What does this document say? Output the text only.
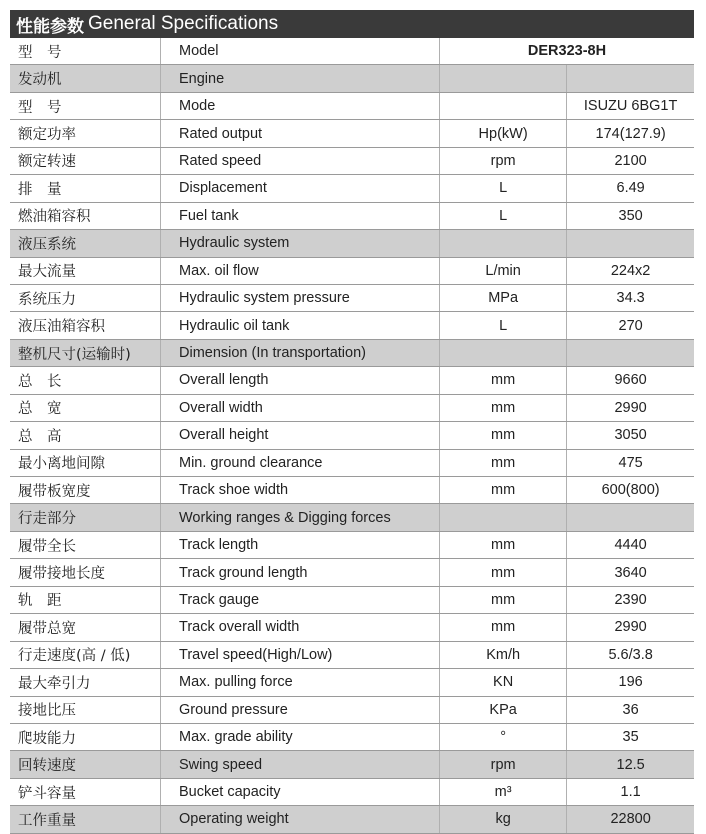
性能参数 General Specifications
型　号	Model	DER323-8H	
发动机	Engine		
型　号	Mode		ISUZU 6BG1T
额定功率	Rated output	Hp(kW)	174(127.9)
额定转速	Rated speed	rpm	2100
排　量	Displacement	L	6.49
燃油箱容积	Fuel tank	L	350
液压系统	Hydraulic system		
最大流量	Max. oil flow	L/min	224x2
系统压力	Hydraulic system pressure	MPa	34.3
液压油箱容积	Hydraulic oil tank	L	270
整机尺寸(运输时)	Dimension (In transportation)		
总　长	Overall length	mm	9660
总　宽	Overall width	mm	2990
总　高	Overall height	mm	3050
最小离地间隙	Min. ground clearance	mm	475
履带板宽度	Track shoe width	mm	600(800)
行走部分	Working ranges & Digging forces		
履带全长	Track length	mm	4440
履带接地长度	Track ground length	mm	3640
轨　距	Track gauge	mm	2390
履带总宽	Track overall width	mm	2990
行走速度(高 / 低)	Travel speed(High/Low)	Km/h	5.6/3.8
最大牵引力	Max. pulling force	KN	196
接地比压	Ground pressure	KPa	36
爬坡能力	Max. grade ability	°	35
回转速度	Swing speed	rpm	12.5
铲斗容量	Bucket capacity	m³	1.1
工作重量	Operating weight	kg	22800
